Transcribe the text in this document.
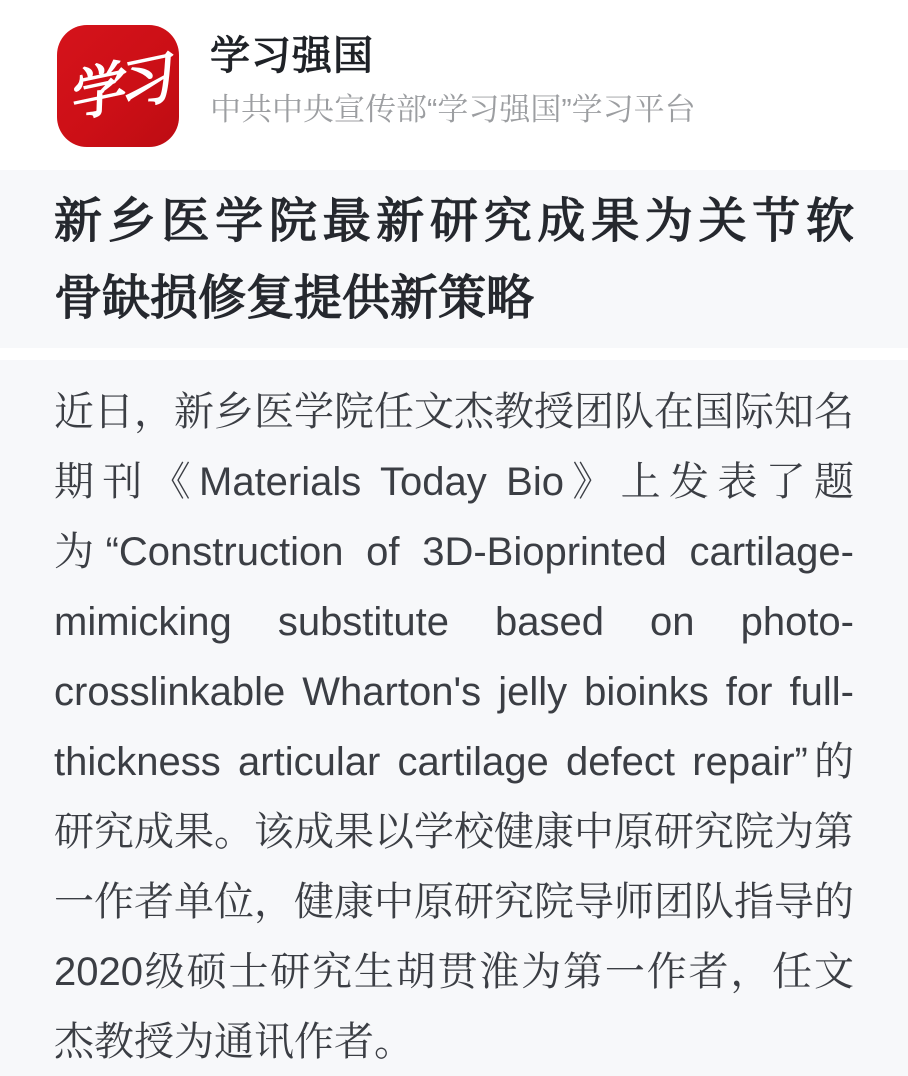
学习 学习强国
中共中央宣传部“学习强国”学习平台
新乡医学院最新研究成果为关节软
骨缺损修复提供新策略
近日，新乡医学院任文杰教授团队在国际知名
期刊《Materials Today Bio》上发表了题
为“Construction of 3D-Bioprinted cartilage-
mimicking substitute based on photo-
crosslinkable Wharton's jelly bioinks for full-
thickness articular cartilage defect repair”的
研究成果。该成果以学校健康中原研究院为第
一作者单位，健康中原研究院导师团队指导的
2020级硕士研究生胡贯淮为第一作者，任文
杰教授为通讯作者。
